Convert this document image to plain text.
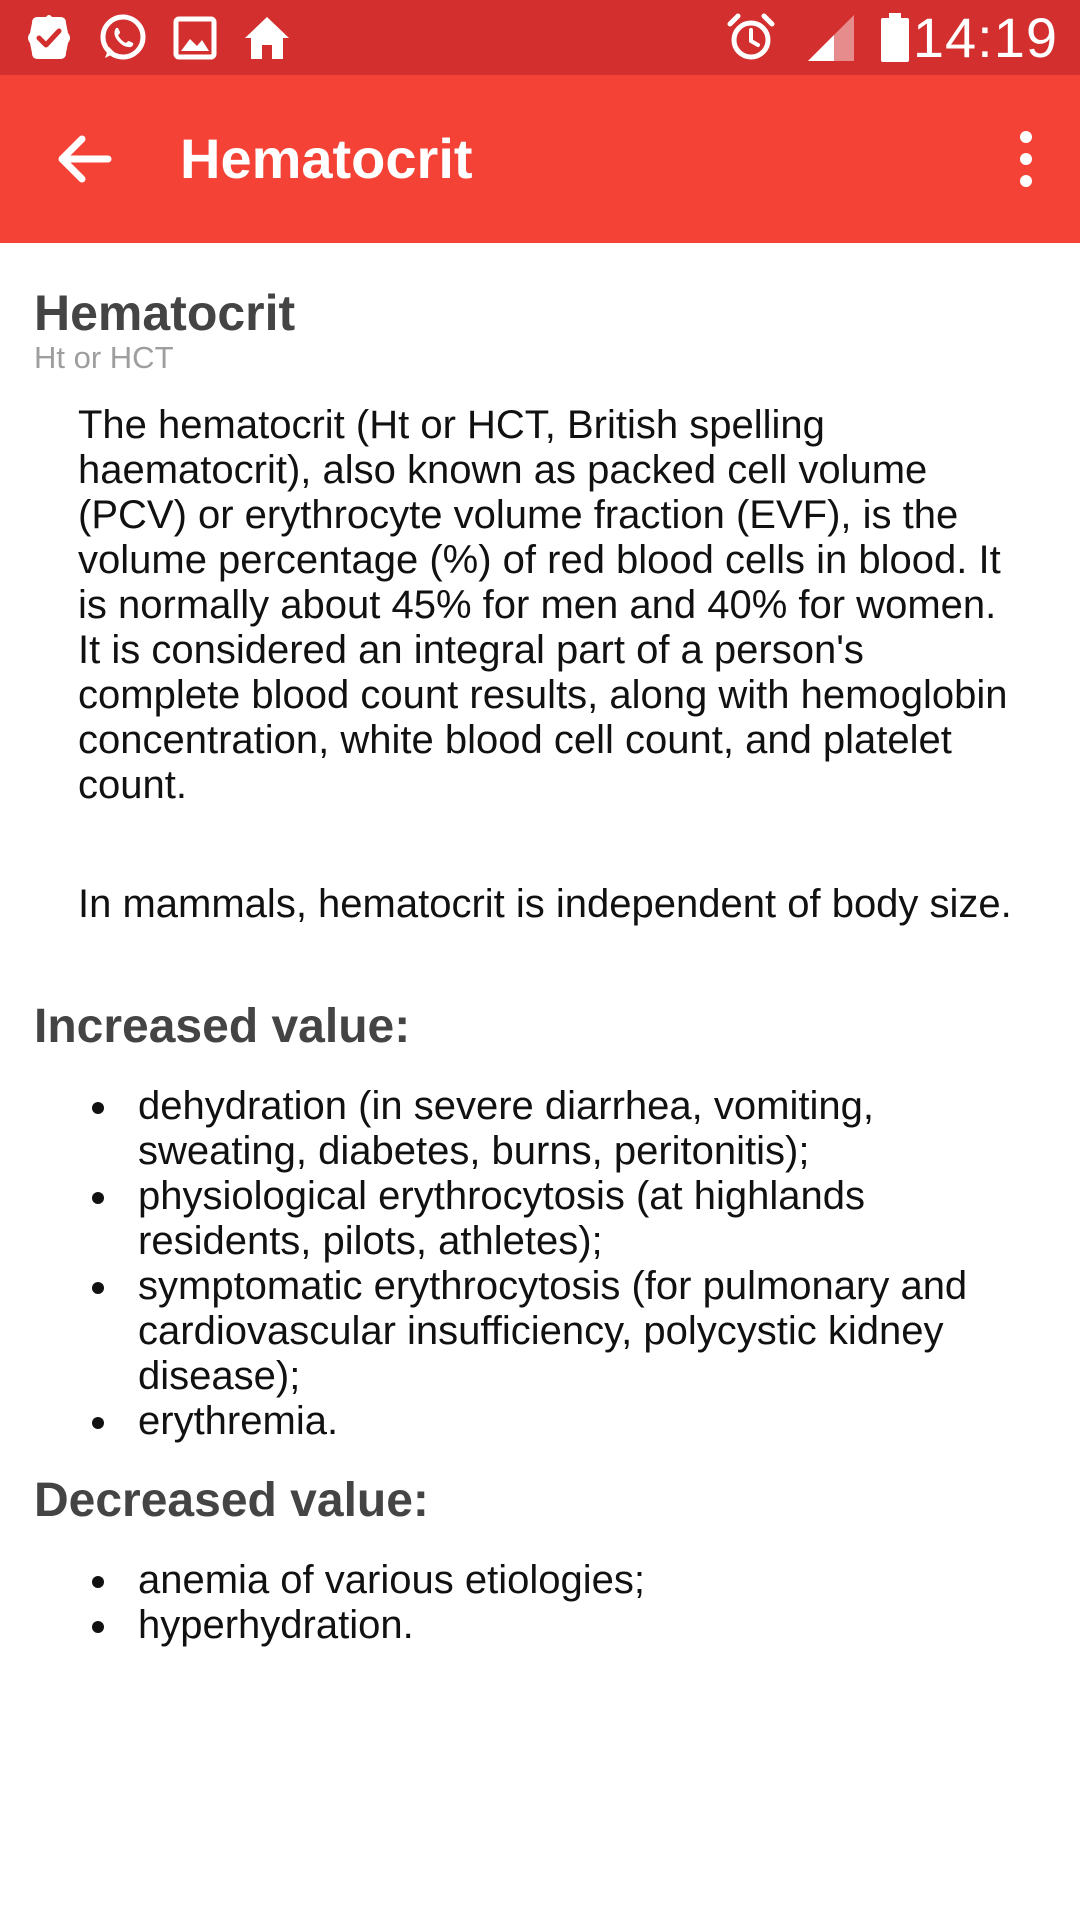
14:19
Hematocrit
Hematocrit

Ht or HCT

The hematocrit (Ht or HCT, British spelling haematocrit), also known as packed cell volume (PCV) or erythrocyte volume fraction (EVF), is the volume percentage (%) of red blood cells in blood. It is normally about 45% for men and 40% for women. It is considered an integral part of a person's complete blood count results, along with hemoglobin concentration, white blood cell count, and platelet count.

In mammals, hematocrit is independent of body size.

Increased value:
dehydration (in severe diarrhea, vomiting, sweating, diabetes, burns, peritonitis);
physiological erythrocytosis (at highlands residents, pilots, athletes);
symptomatic erythrocytosis (for pulmonary and cardiovascular insufficiency, polycystic kidney disease);
erythremia.
Decreased value:
anemia of various etiologies;
hyperhydration.
